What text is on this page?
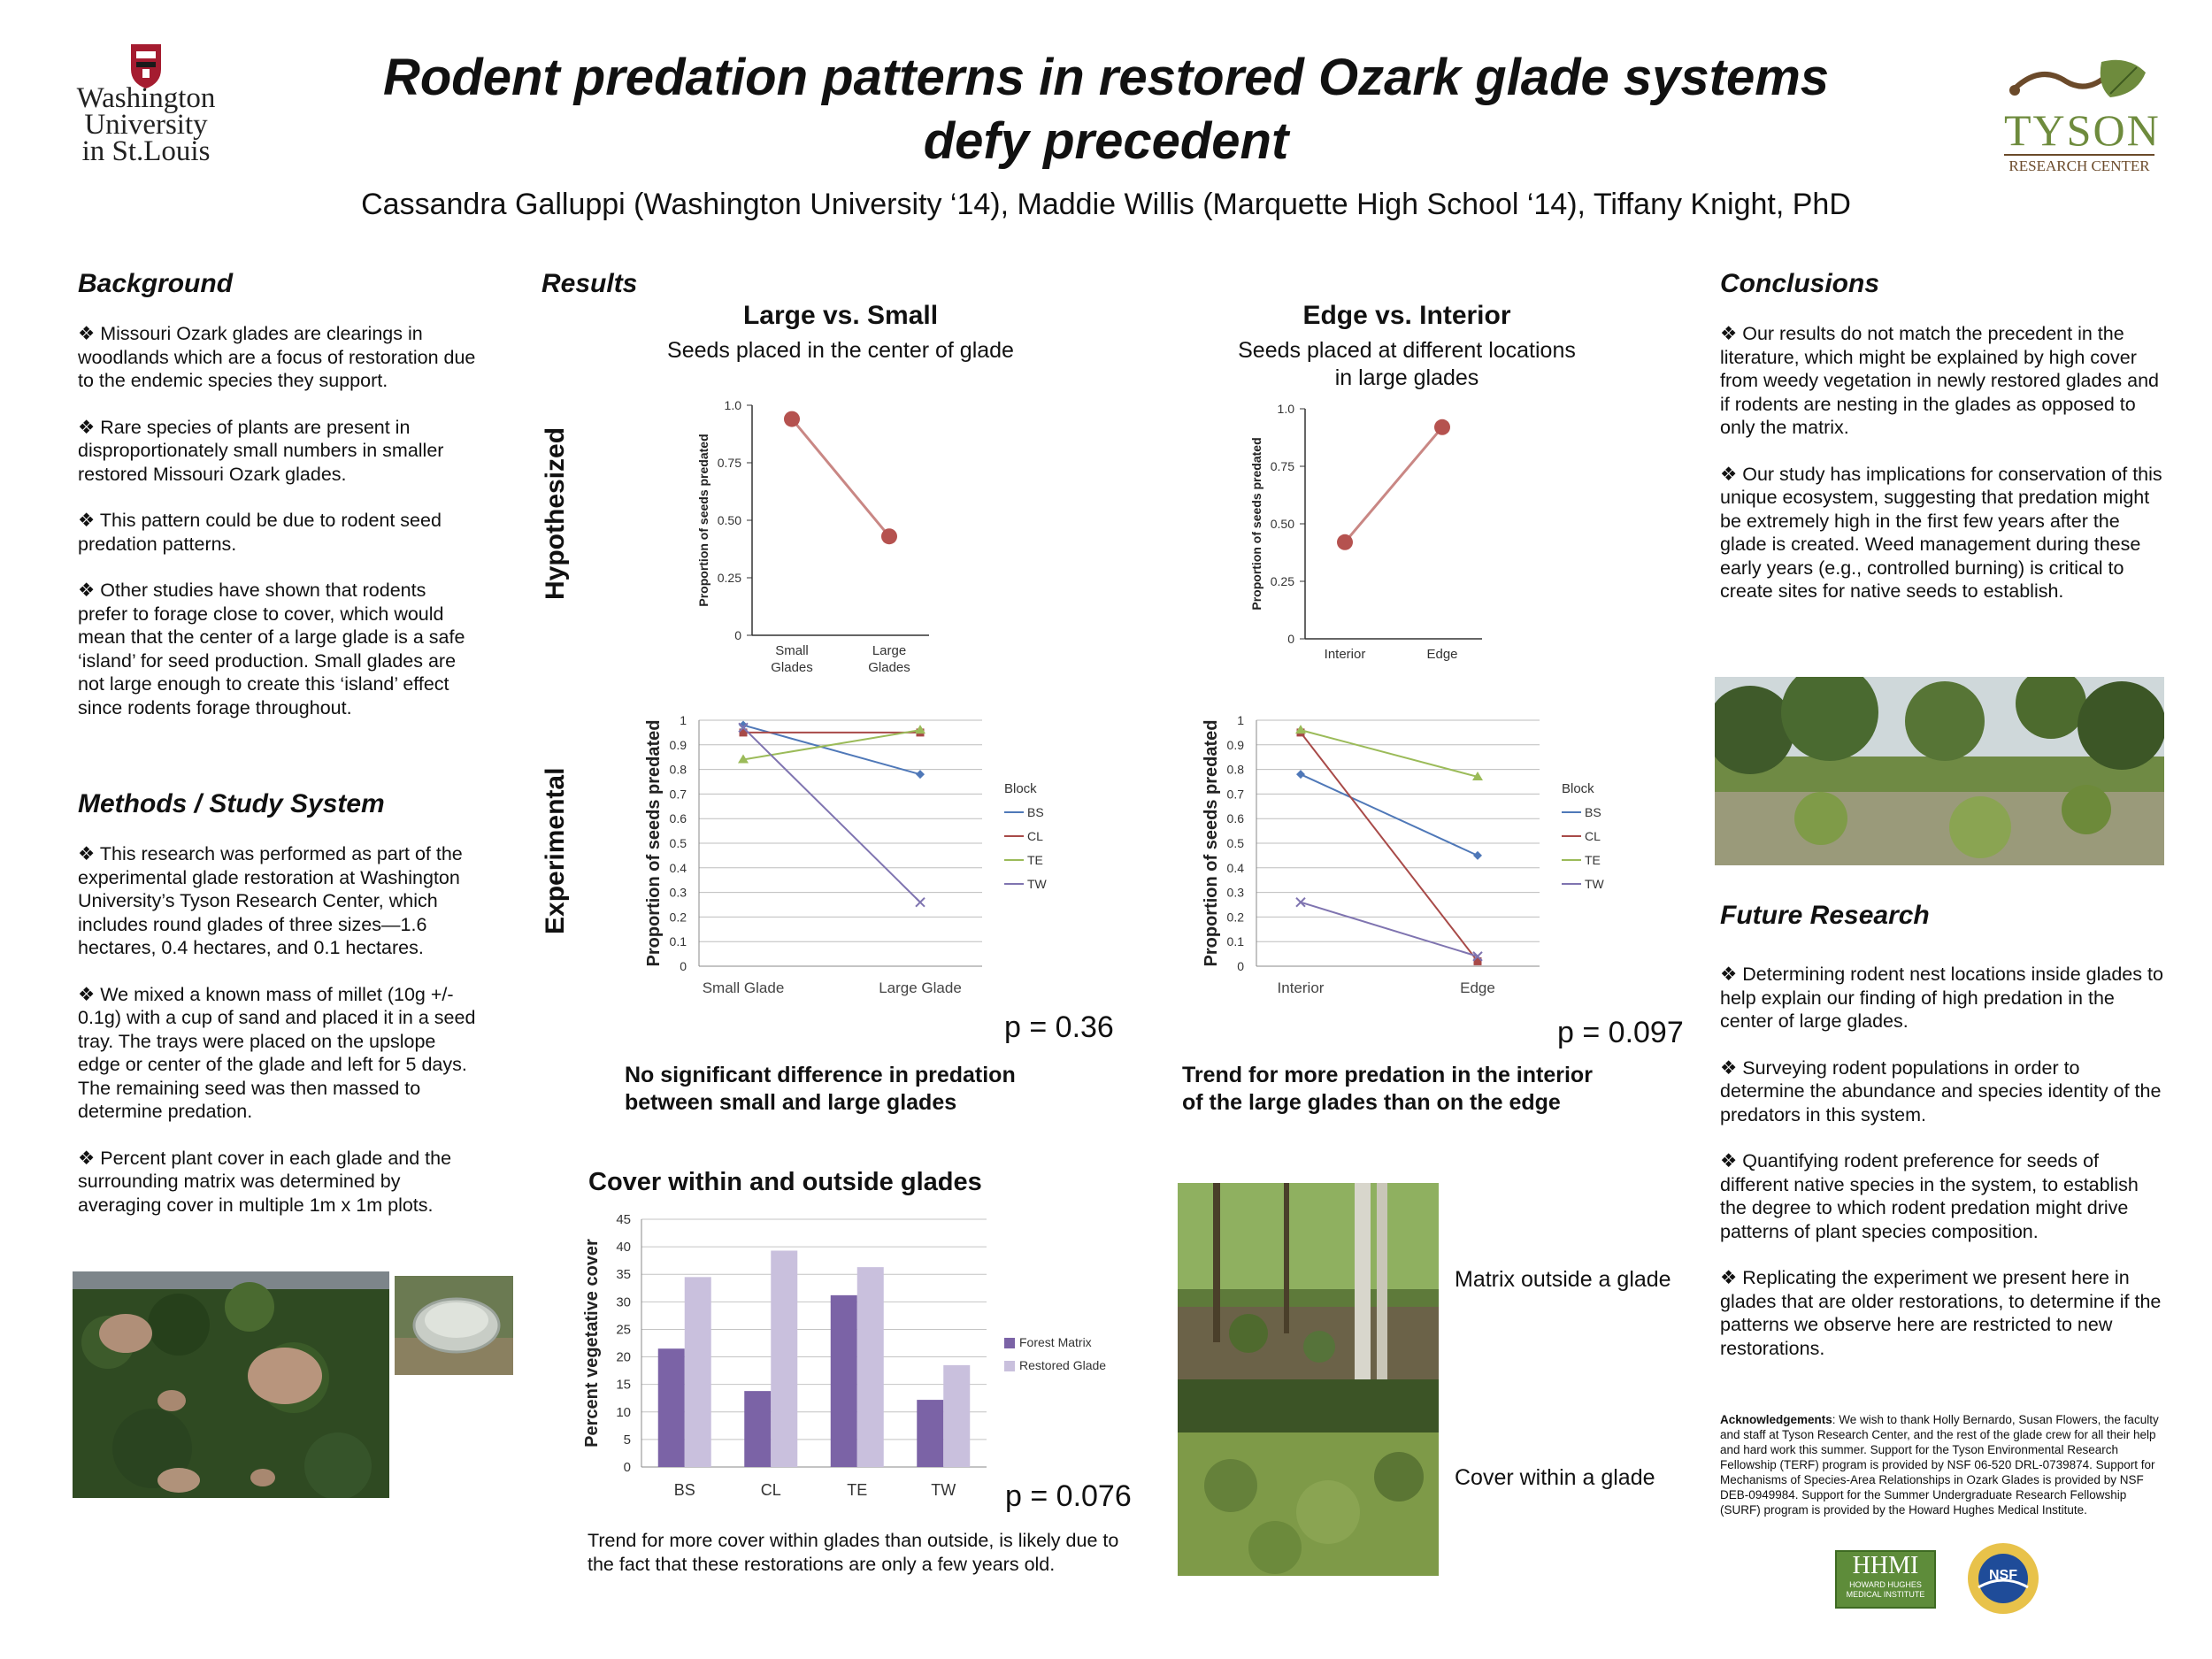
Washington
University
in St.Louis
Rodent predation patterns in restored Ozark glade systems
defy precedent
Cassandra Galluppi (Washington University ‘14), Maddie Willis (Marquette High School ‘14), Tiffany Knight, PhD
TYSON
RESEARCH CENTER
Background

❖ Missouri Ozark glades are clearings in woodlands which are a focus of restoration due to the endemic species they support.

❖ Rare species of plants are present in disproportionately small numbers in smaller restored Missouri Ozark glades.

❖ This pattern could be due to rodent seed predation patterns.

❖ Other studies have shown that rodents prefer to forage close to cover, which would mean that the center of a large glade is a safe ‘island’ for seed production. Small glades are not large enough to create this ‘island’ effect since rodents forage throughout.

Methods / Study System

❖ This research was performed as part of the experimental glade restoration at Washington University’s Tyson Research Center, which includes round glades of three sizes—1.6 hectares, 0.4 hectares, and 0.1 hectares.

❖ We mixed a known mass of millet (10g +/- 0.1g) with a cup of sand and placed it in a seed tray. The trays were placed on the upslope edge or center of the glade and left for 5 days. The remaining seed was then massed to determine predation.

❖ Percent plant cover in each glade and the surrounding matrix was determined by averaging cover in multiple 1m x 1m plots.

Results
Large vs. Small
Seeds placed in the center of glade
Edge vs. Interior
Seeds placed at different locations
in large glades
Hypothesized
Experimental
0
0.25
0.50
0.75
1.0
Small
Glades
Large
Glades
Proportion of seeds predated
0
0.25
0.50
0.75
1.0
Interior	Edge
Proportion of seeds predated
0
0.1
0.2
0.3
0.4
0.5
0.6
0.7
0.8
0.9
1
Small Glade	Large Glade
Proportion of seeds predated	Block
BS
CL
TE
TW
0
0.1
0.2
0.3
0.4
0.5
0.6
0.7
0.8
0.9
1
Interior	Edge
Proportion of seeds predated	Block
BS
CL
TE
TW
p = 0.36	p = 0.097
No significant difference in predation
between small and large glades
Trend for more predation in the interior
of the large glades than on the edge
Cover within and outside glades
0
5
10
15
20
25
30
35
40
45
Percent vegetative cover
BS	CL	TE	TW
Forest Matrix
Restored Glade
p = 0.076
Trend for more cover within glades than outside, is likely due to the fact that these restorations are only a few years old.
Matrix outside a glade
Cover within a glade
Conclusions

❖ Our results do not match the precedent in the literature, which might be explained by high cover from weedy vegetation in newly restored glades and if rodents are nesting in the glades as opposed to only the matrix.

❖ Our study has implications for conservation of this unique ecosystem, suggesting that predation might be extremely high in the first few years after the glade is created. Weed management during these early years (e.g., controlled burning) is critical to create sites for native seeds to establish.

Future Research

❖ Determining rodent nest locations inside glades to help explain our finding of high predation in the center of large glades.

❖ Surveying rodent populations in order to determine the abundance and species identity of the predators in this system.

❖ Quantifying rodent preference for seeds of different native species in the system, to establish the degree to which rodent predation might drive patterns of plant species composition.

❖ Replicating the experiment we present here in glades that are older restorations, to determine if the patterns we observe here are restricted to new restorations.

Acknowledgements: We wish to thank Holly Bernardo, Susan Flowers, the faculty and staff at Tyson Research Center, and the rest of the glade crew for all their help and hard work this summer. Support for the Tyson Environmental Research Fellowship (TERF) program is provided by NSF 06-520 DRL-0739874. Support for Mechanisms of Species-Area Relationships in Ozark Glades is provided by NSF DEB-0949984. Support for the Summer Undergraduate Research Fellowship (SURF) program is provided by the Howard Hughes Medical Institute.
HHMI
HOWARD HUGHES
MEDICAL INSTITUTE
NSF
